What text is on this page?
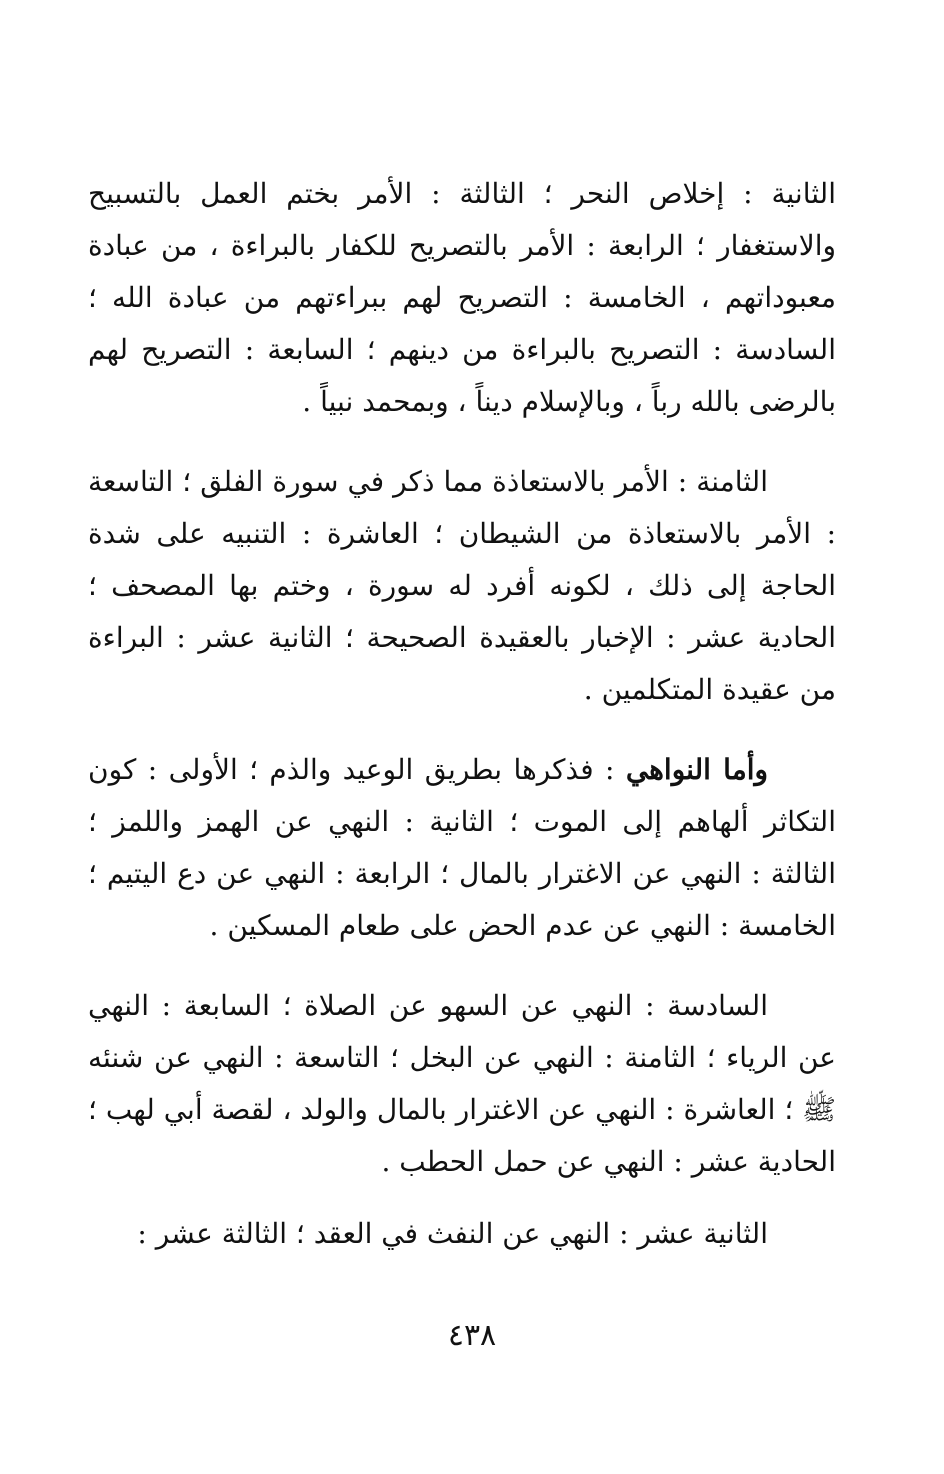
الثانية : إخلاص النحر ؛ الثالثة : الأمر بختم العمل بالتسبيح والاستغفار ؛ الرابعة : الأمر بالتصريح للكفار بالبراءة ، من عبادة معبوداتهم ، الخامسة : التصريح لهم ببراءتهم من عبادة الله ؛ السادسة : التصريح بالبراءة من دينهم ؛ السابعة : التصريح لهم بالرضى بالله رباً ، وبالإسلام ديناً ، وبمحمد نبياً .

الثامنة : الأمر بالاستعاذة مما ذكر في سورة الفلق ؛ التاسعة : الأمر بالاستعاذة من الشيطان ؛ العاشرة : التنبيه على شدة الحاجة إلى ذلك ، لكونه أفرد له سورة ، وختم بها المصحف ؛ الحادية عشر : الإخبار بالعقيدة الصحيحة ؛ الثانية عشر : البراءة من عقيدة المتكلمين .

وأما النواهي : فذكرها بطريق الوعيد والذم ؛ الأولى : كون التكاثر ألهاهم إلى الموت ؛ الثانية : النهي عن الهمز واللمز ؛ الثالثة : النهي عن الاغترار بالمال ؛ الرابعة : النهي عن دع اليتيم ؛ الخامسة : النهي عن عدم الحض على طعام المسكين .

السادسة : النهي عن السهو عن الصلاة ؛ السابعة : النهي عن الرياء ؛ الثامنة : النهي عن البخل ؛ التاسعة : النهي عن شنئه ﷺ ؛ العاشرة : النهي عن الاغترار بالمال والولد ، لقصة أبي لهب ؛ الحادية عشر : النهي عن حمل الحطب .

الثانية عشر : النهي عن النفث في العقد ؛ الثالثة عشر :

٤٣٨
